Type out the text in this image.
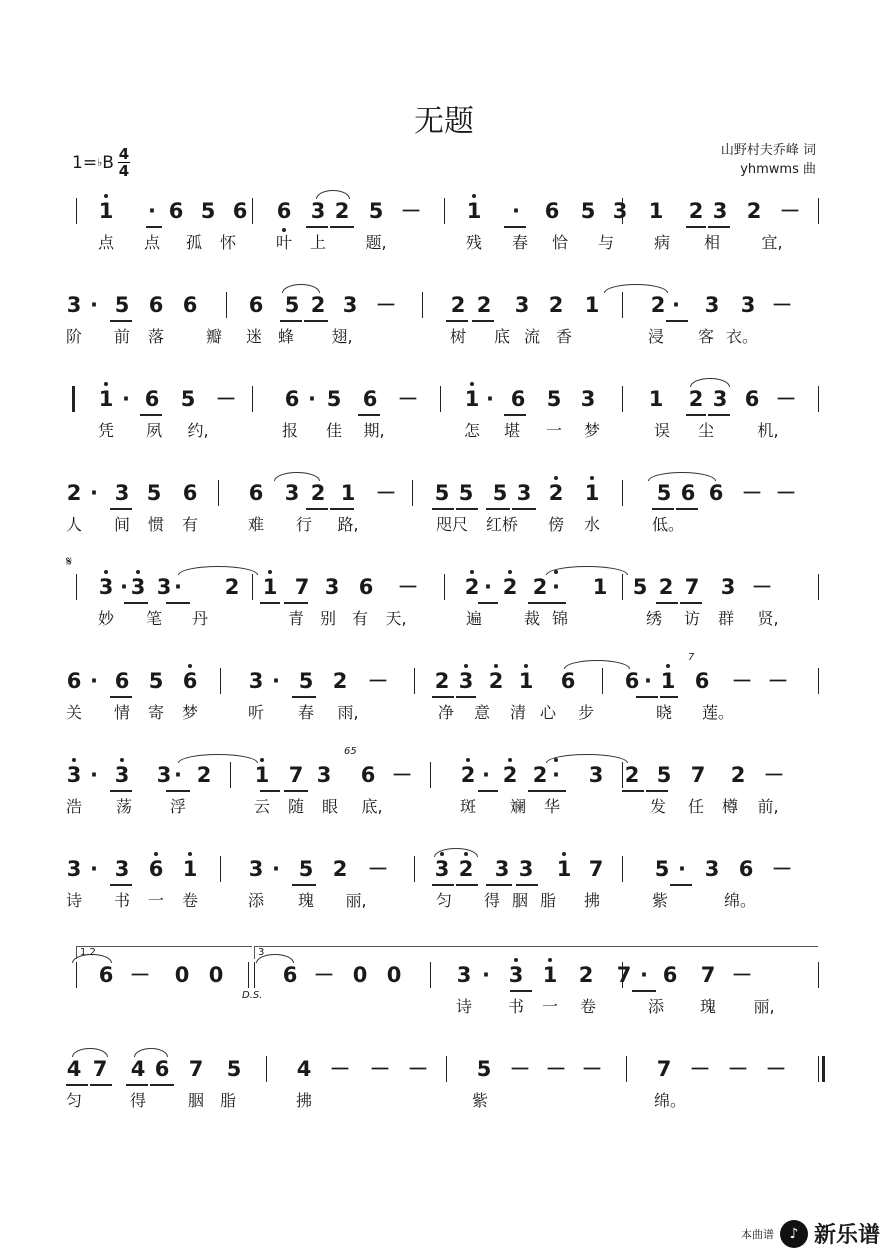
无题
1= ♭ B 4
4
山野村夫乔峰 词
yhmwms 曲
1 · 6 5 6 6 3 2 5 － 1 · 6 5 3 1 2 3 2 －
点 点 孤 怀 叶 上 题,	残 春 恰 与 病 相	宜,
3 · 5 6 6 6 5 2 3 －	2 2 3 2 1 2 · 3 3 －
阶 前 落	瓣 迷 蜂 翅,	树 底 流 香	浸 客 衣。
1 · 6 5 － 6 · 5 6 － 1 · 6 5 3	1 2 3 6 －
凭 夙 约,	报 佳 期,	怎 堪 一 梦	误 尘	机,
2 · 3 5 6 6 3 2 1 － 5 5 5 3 2 1	5 6 6 － －
人 间 惯 有	难 行 路,	咫尺 红桥 傍 水	低。
3 · 3 3 · 2 1 7 3 6 － 2 · 2 2 · 1 5 2 7 3 －
𝄋
妙 笔 丹	青 别 有 天,	遍	裁 锦	绣 访 群 贤,
6 · 6 5 6 3 · 5 2 － 2 3 2 1 6 6 · 1 6 － －
7
关 情 寄 梦	听 春 雨,	净 意 清 心 步	晓 莲。
3 · 3 3 · 2 1 7 3 6 － 2 · 2 2 · 3 2 5 7 2 －
65
浩 荡 浮	云 随 眼 底,	斑 斓 华	发 任 樽 前,
3 · 3 6 1 3 · 5 2 － 3 2 3 3 1 7 5 · 3 6 －
诗 书 一 卷	添 瑰 丽,	匀 得 胭 脂 拂	紫	绵。
6 － 0 0	6 － 0 0	3 · 3 1 2 7 · 6 7 －
1.2	3
D.S.
诗 书 一 卷	添 瑰 丽,
4 7 4 6 7 5	4 － － － 5 － － －	7 － － －
匀	得	胭 脂	拂	紫	绵。
本曲谱	♪ 新乐谱
